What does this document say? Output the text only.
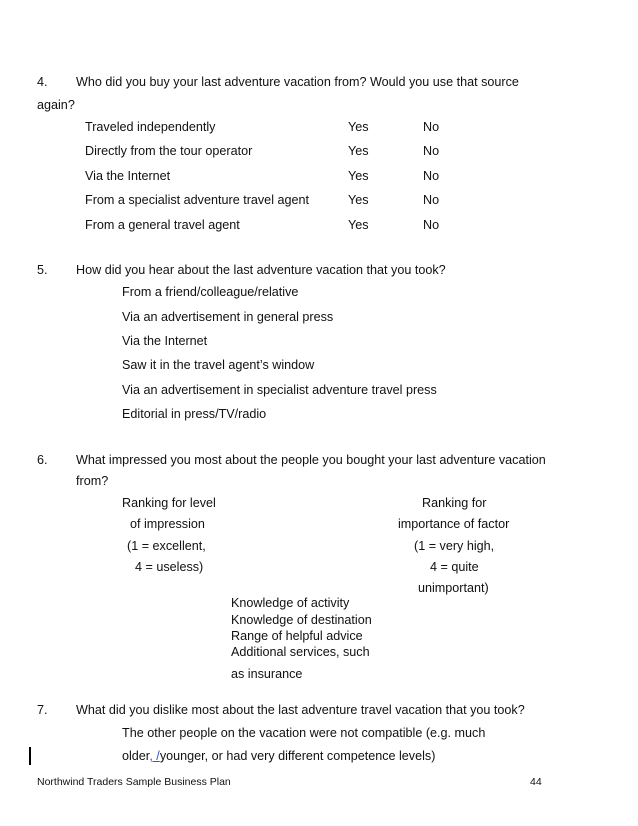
4. Who did you buy your last adventure vacation from? Would you use that source
again?
Traveled independently	Yes	No
Directly from the tour operator	Yes	No
Via the Internet	Yes	No
From a specialist adventure travel agent	Yes	No
From a general travel agent	Yes	No
5. How did you hear about the last adventure vacation that you took?
From a friend/colleague/relative
Via an advertisement in general press
Via the Internet
Saw it in the travel agent’s window
Via an advertisement in specialist adventure travel press
Editorial in press/TV/radio
6. What impressed you most about the people you bought your last adventure vacation
from?
Ranking for level
of impression
(1 = excellent,
4 = useless)
Ranking for
importance of factor
(1 = very high,
4 = quite
unimportant)
Knowledge of activity
Knowledge of destination
Range of helpful advice
Additional services, such
as insurance
7. What did you dislike most about the last adventure travel vacation that you took?
The other people on the vacation were not compatible (e.g. much
older, /younger, or had very different competence levels)
Northwind Traders Sample Business Plan	44
